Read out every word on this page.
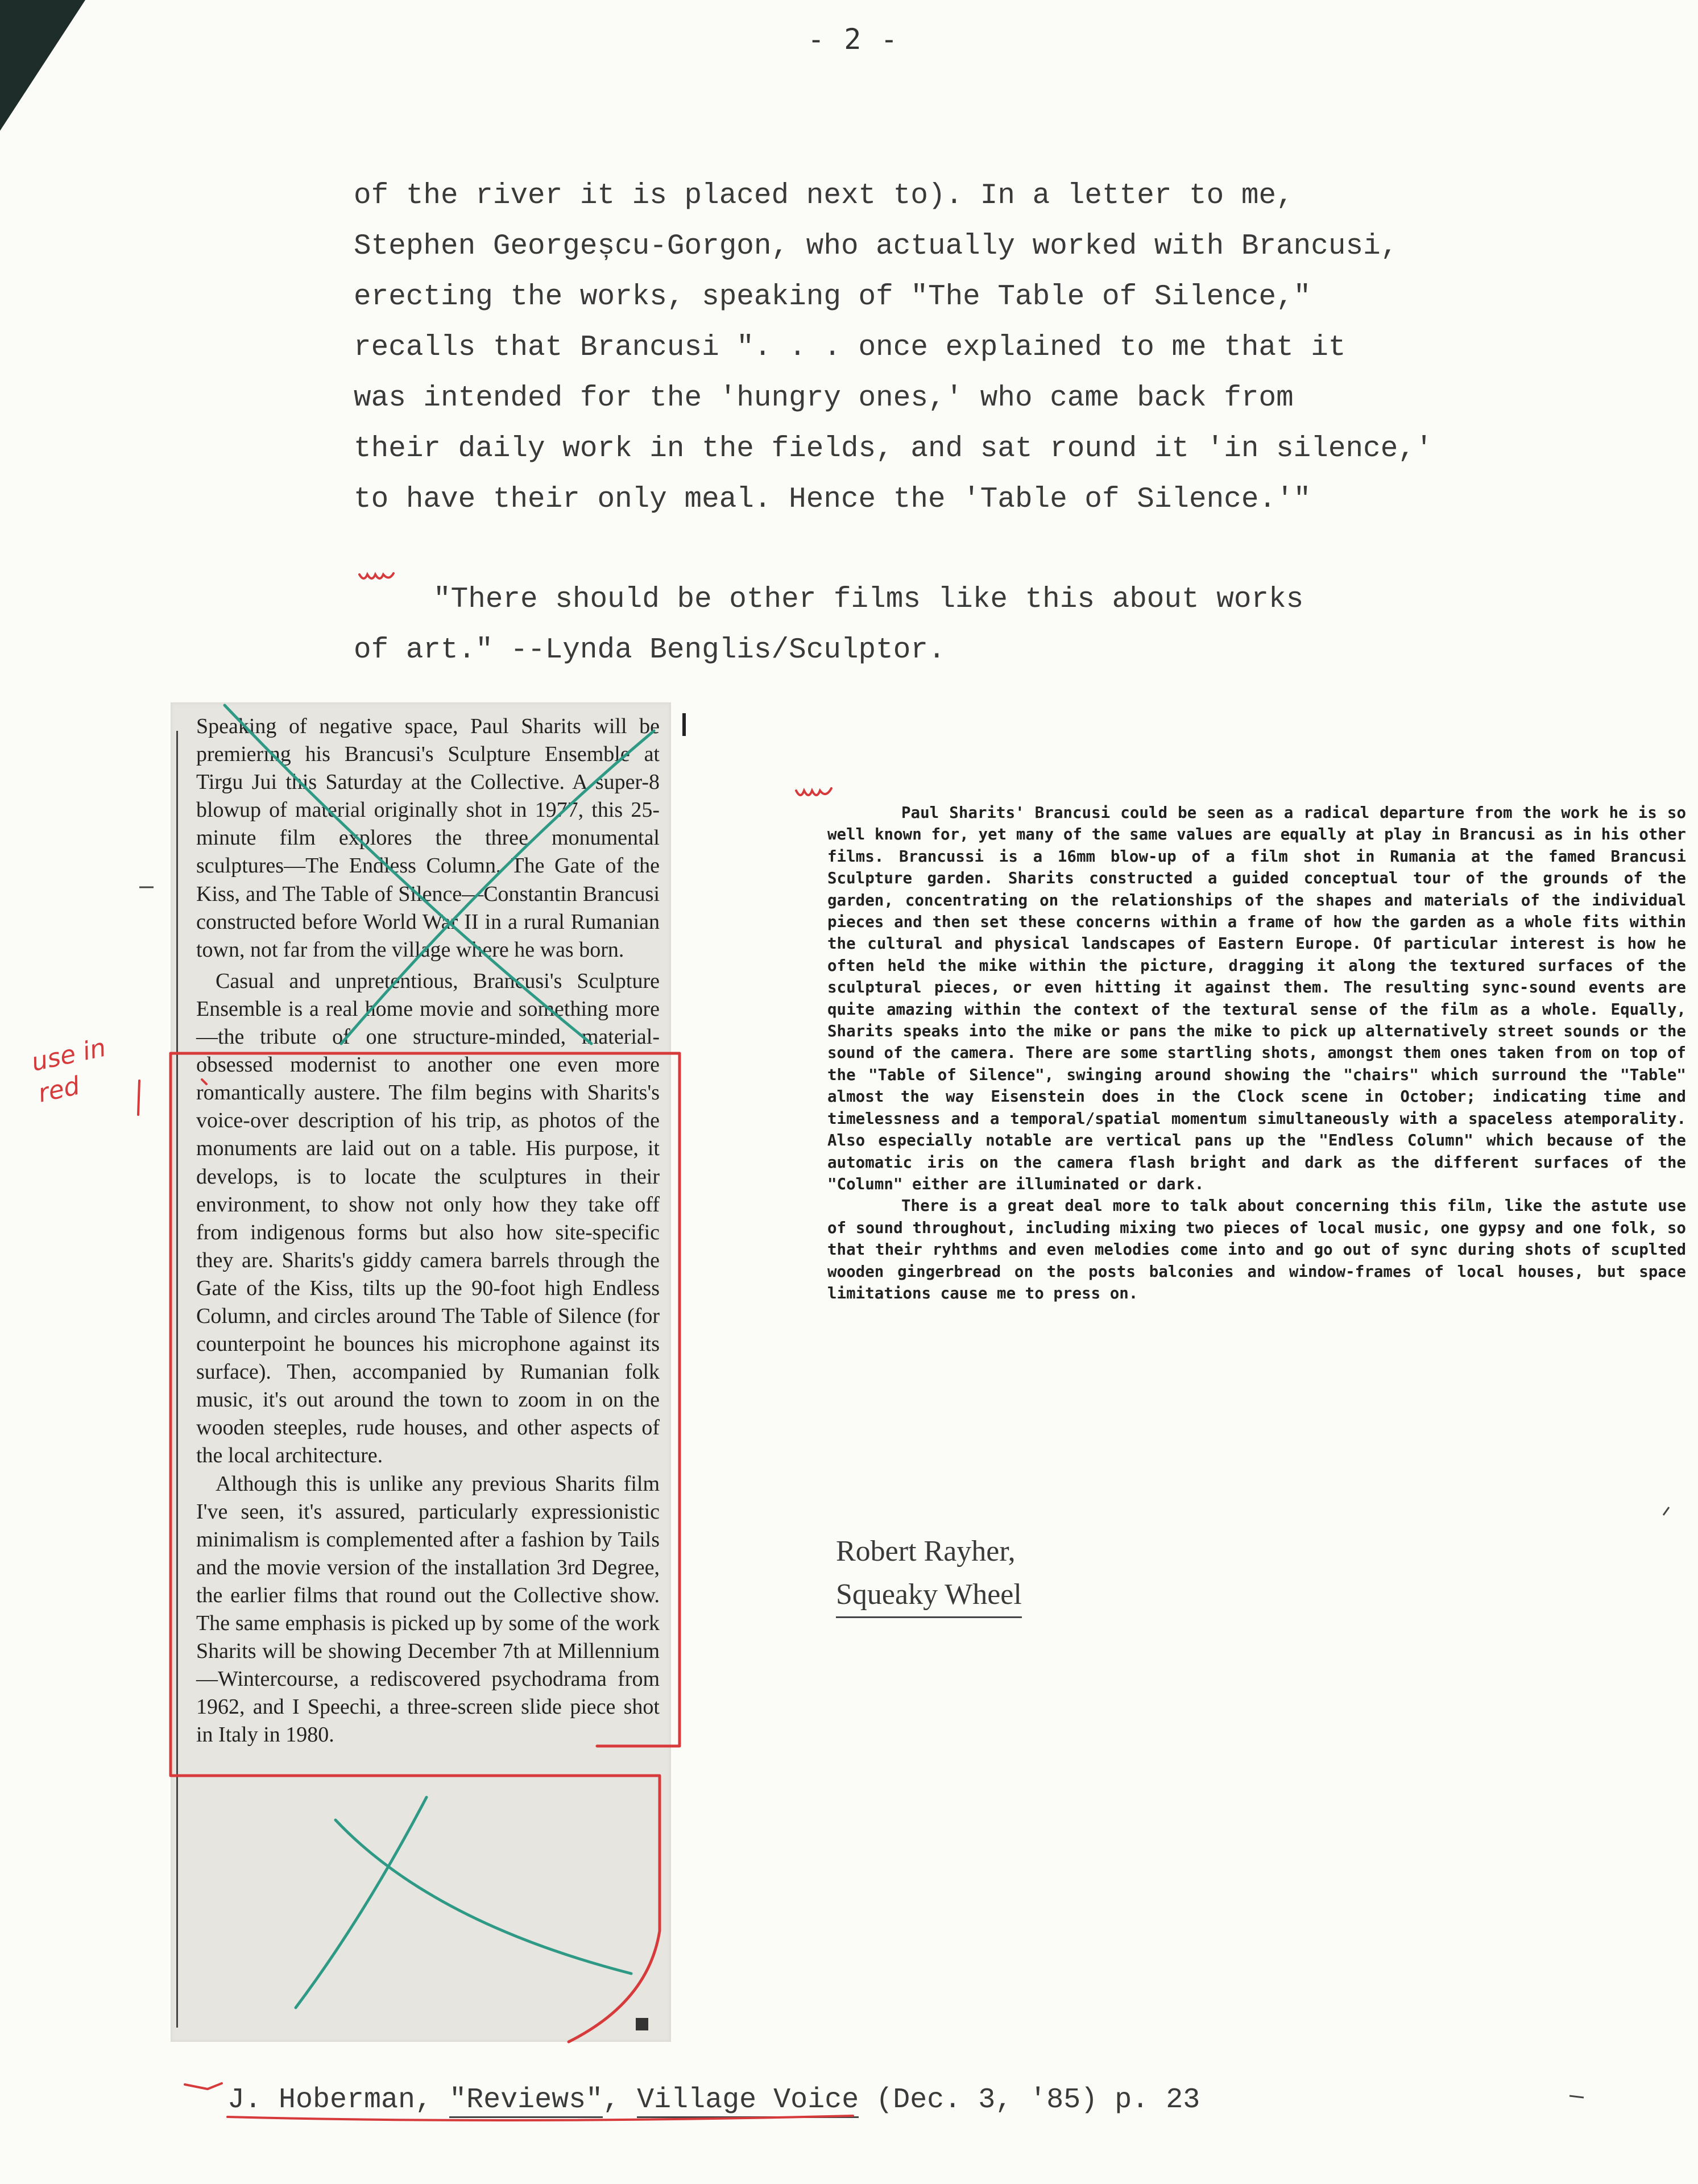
- 2 -
of the river it is placed next to). In a letter to me,
Stephen Georgeșcu-Gorgon, who actually worked with Brancusi,
erecting the works, speaking of "The Table of Silence,"
recalls that Brancusi ". . . once explained to me that it
was intended for the 'hungry ones,' who came back from
their daily work in the fields, and sat round it 'in silence,'
to have their only meal. Hence the 'Table of Silence.'"
"There should be other films like this about works
of art." --Lynda Benglis/Sculptor.

Speaking of negative space, Paul Sharits will be premiering his Brancusi's Sculpture Ensemble at Tirgu Jui this Saturday at the Collective. A super-8 blowup of material originally shot in 1977, this 25-minute film explores the three monumental sculptures—The Endless Column, The Gate of the Kiss, and The Table of Silence—Constantin Brancusi constructed before World War II in a rural Rumanian town, not far from the village where he was born.

Casual and unpretentious, Brancusi's Sculpture Ensemble is a real home movie and something more—the tribute of one structure-minded, material-obsessed modernist to another one even more romantically austere. The film begins with Sharits's voice-over description of his trip, as photos of the monuments are laid out on a table. His purpose, it develops, is to locate the sculptures in their environment, to show not only how they take off from indigenous forms but also how site-specific they are. Sharits's giddy camera barrels through the Gate of the Kiss, tilts up the 90-foot high Endless Column, and circles around The Table of Silence (for counterpoint he bounces his microphone against its surface). Then, accompanied by Rumanian folk music, it's out around the town to zoom in on the wooden steeples, rude houses, and other aspects of the local architecture.

Although this is unlike any previous Sharits film I've seen, it's assured, particularly expressionistic minimalism is complemented after a fashion by Tails and the movie version of the installation 3rd Degree, the earlier films that round out the Collective show. The same emphasis is picked up by some of the work Sharits will be showing December 7th at Millennium—Wintercourse, a rediscovered psychodrama from 1962, and I Speechi, a three-screen slide piece shot in Italy in 1980.

Paul Sharits' Brancusi could be seen as a radical departure from the work he is so well known for, yet many of the same values are equally at play in Brancusi as in his other films. Brancussi is a 16mm blow-up of a film shot in Rumania at the famed Brancusi Sculpture garden. Sharits constructed a guided conceptual tour of the grounds of the garden, concentrating on the relationships of the shapes and materials of the individual pieces and then set these concerns within a frame of how the garden as a whole fits within the cultural and physical landscapes of Eastern Europe. Of particular interest is how he often held the mike within the picture, dragging it along the textured surfaces of the sculptural pieces, or even hitting it against them. The resulting sync-sound events are quite amazing within the context of the textural sense of the film as a whole. Equally, Sharits speaks into the mike or pans the mike to pick up alternatively street sounds or the sound of the camera. There are some startling shots, amongst them ones taken from on top of the "Table of Silence", swinging around showing the "chairs" which surround the "Table" almost the way Eisenstein does in the Clock scene in October; indicating time and timelessness and a temporal/spatial momentum simultaneously with a spaceless atemporality. Also especially notable are vertical pans up the "Endless Column" which because of the automatic iris on the camera flash bright and dark as the different surfaces of the "Column" either are illuminated or dark.

There is a great deal more to talk about concerning this film, like the astute use of sound throughout, including mixing two pieces of local music, one gypsy and one folk, so that their ryhthms and even melodies come into and go out of sync during shots of scuplted wooden gingerbread on the posts balconies and window-frames of local houses, but space limitations cause me to press on.

Robert Rayher,
Squeaky Wheel
J. Hoberman, "Reviews", Village Voice (Dec. 3, '85) p. 23
use in red
